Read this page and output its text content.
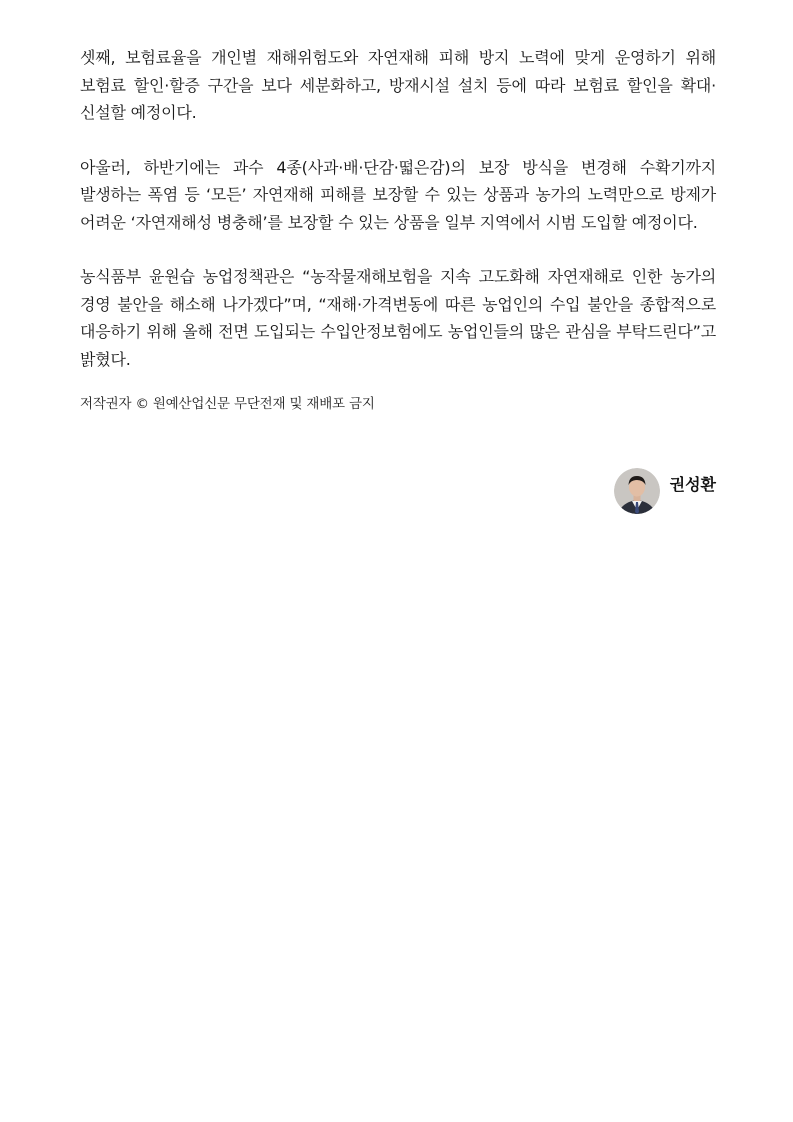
셋째, 보험료율을 개인별 재해위험도와 자연재해 피해 방지 노력에 맞게 운영하기 위해 보험료 할인·할증 구간을 보다 세분화하고, 방재시설 설치 등에 따라 보험료 할인을 확대·신설할 예정이다.

아울러, 하반기에는 과수 4종(사과·배·단감·떫은감)의 보장 방식을 변경해 수확기까지 발생하는 폭염 등 ‘모든’ 자연재해 피해를 보장할 수 있는 상품과 농가의 노력만으로 방제가 어려운 ‘자연재해성 병충해’를 보장할 수 있는 상품을 일부 지역에서 시범 도입할 예정이다.

농식품부 윤원습 농업정책관은 “농작물재해보험을 지속 고도화해 자연재해로 인한 농가의 경영 불안을 해소해 나가겠다”며, “재해·가격변동에 따른 농업인의 수입 불안을 종합적으로 대응하기 위해 올해 전면 도입되는 수입안정보험에도 농업인들의 많은 관심을 부탁드린다”고 밝혔다.

저작권자 © 원예산업신문 무단전재 및 재배포 금지
권성환
